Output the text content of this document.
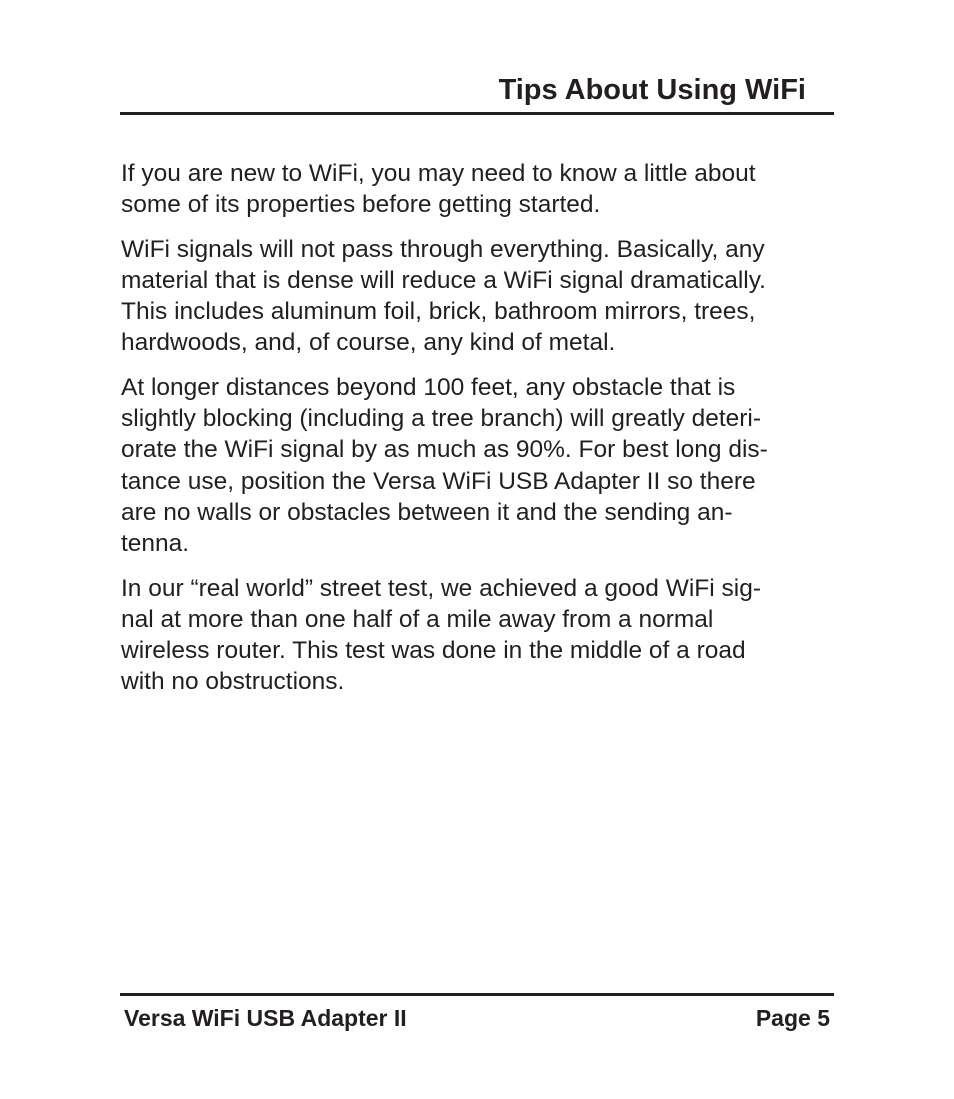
Tips About Using WiFi

If you are new to WiFi, you may need to know a little about
some of its properties before getting started.

WiFi signals will not pass through everything. Basically, any
material that is dense will reduce a WiFi signal dramatically.
This includes aluminum foil, brick, bathroom mirrors, trees,
hardwoods, and, of course, any kind of metal.

At longer distances beyond 100 feet, any obstacle that is
slightly blocking (including a tree branch) will greatly deteri-
orate the WiFi signal by as much as 90%. For best long dis-
tance use, position the Versa WiFi USB Adapter II so there
are no walls or obstacles between it and the sending an-
tenna.

In our “real world” street test, we achieved a good WiFi sig-
nal at more than one half of a mile away from a normal
wireless router. This test was done in the middle of a road
with no obstructions.

Versa WiFi USB Adapter II	Page 5
